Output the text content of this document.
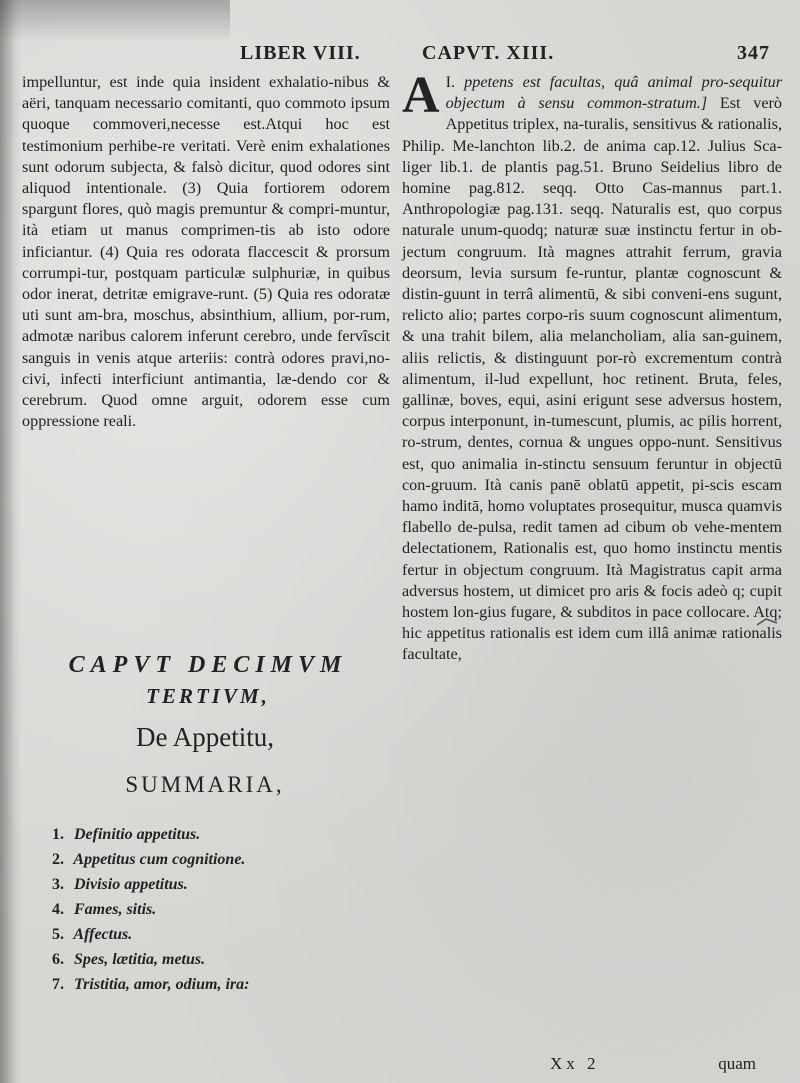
LIBER VIII.	CAPVT. XIII.	347

impelluntur, est inde quia insident exhalatio-nibus & aëri, tanquam necessario comitanti, quo commoto ipsum quoque commoveri,necesse est.Atqui hoc est testimonium perhibe-re veritati. Verè enim exhalationes sunt odorum subjecta, & falsò dicitur, quod odores sint aliquod intentionale. (3) Quia fortiorem odorem spargunt flores, quò magis premuntur & compri-muntur, ità etiam ut manus comprimen-tis ab isto odore inficiantur. (4) Quia res odorata flaccescit & prorsum corrumpi-tur, postquam particulæ sulphuriæ, in quibus odor inerat, detritæ emigrave-runt. (5) Quia res odoratæ uti sunt am-bra, moschus, absinthium, allium, por-rum, admotæ naribus calorem inferunt cerebro, unde fervîscit sanguis in venis atque arteriis: contrà odores pravi,no-civi, infecti interficiunt antimantia, læ-dendo cor & cerebrum. Quod omne arguit, odorem esse cum oppressione reali.

CAPVT DECIMVM
TERTIVM,
De Appetitu,
SUMMARIA,
1. Definitio appetitus.
2. Appetitus cum cognitione.
3. Divisio appetitus.
4. Fames, sitis.
5. Affectus.
6. Spes, lætitia, metus.
7. Tristitia, amor, odium, ira:

I.
A ppetens est facultas, quâ animal pro-sequitur objectum à sensu common-stratum.] Est verò Appetitus triplex, na-turalis, sensitivus & rationalis, Philip. Me-lanchton lib.2. de anima cap.12. Julius Sca-liger lib.1. de plantis pag.51. Bruno Seidelius libro de homine pag.812. seqq. Otto Cas-mannus part.1. Anthropologiæ pag.131. seqq. Naturalis est, quo corpus naturale unum-quodq; naturæ suæ instinctu fertur in ob-jectum congruum. Ità magnes attrahit ferrum, gravia deorsum, levia sursum fe-runtur, plantæ cognoscunt & distin-guunt in terrâ alimentū, & sibi conveni-ens sugunt, relicto alio; partes corpo-ris suum cognoscunt alimentum, & una trahit bilem, alia melancholiam, alia san-guinem, aliis relictis, & distinguunt por-rò excrementum contrà alimentum, il-lud expellunt, hoc retinent. Bruta, feles, gallinæ, boves, equi, asini erigunt sese adversus hostem, corpus interponunt, in-tumescunt, plumis, ac pilis horrent, ro-strum, dentes, cornua & ungues oppo-nunt. Sensitivus est, quo animalia in-stinctu sensuum feruntur in objectū con-gruum. Ità canis panē oblatū appetit, pi-scis escam hamo inditā, homo voluptates prosequitur, musca quamvis flabello de-pulsa, redit tamen ad cibum ob vehe-mentem delectationem, Rationalis est, quo homo instinctu mentis fertur in objectum congruum. Ità Magistratus capit arma adversus hostem, ut dimicet pro aris & focis adeò q; cupit hostem lon-gius fugare, & subditos in pace collocare. Atq; hic appetitus rationalis est idem cum illâ animæ rationalis facultate,

Xx 2	quam
